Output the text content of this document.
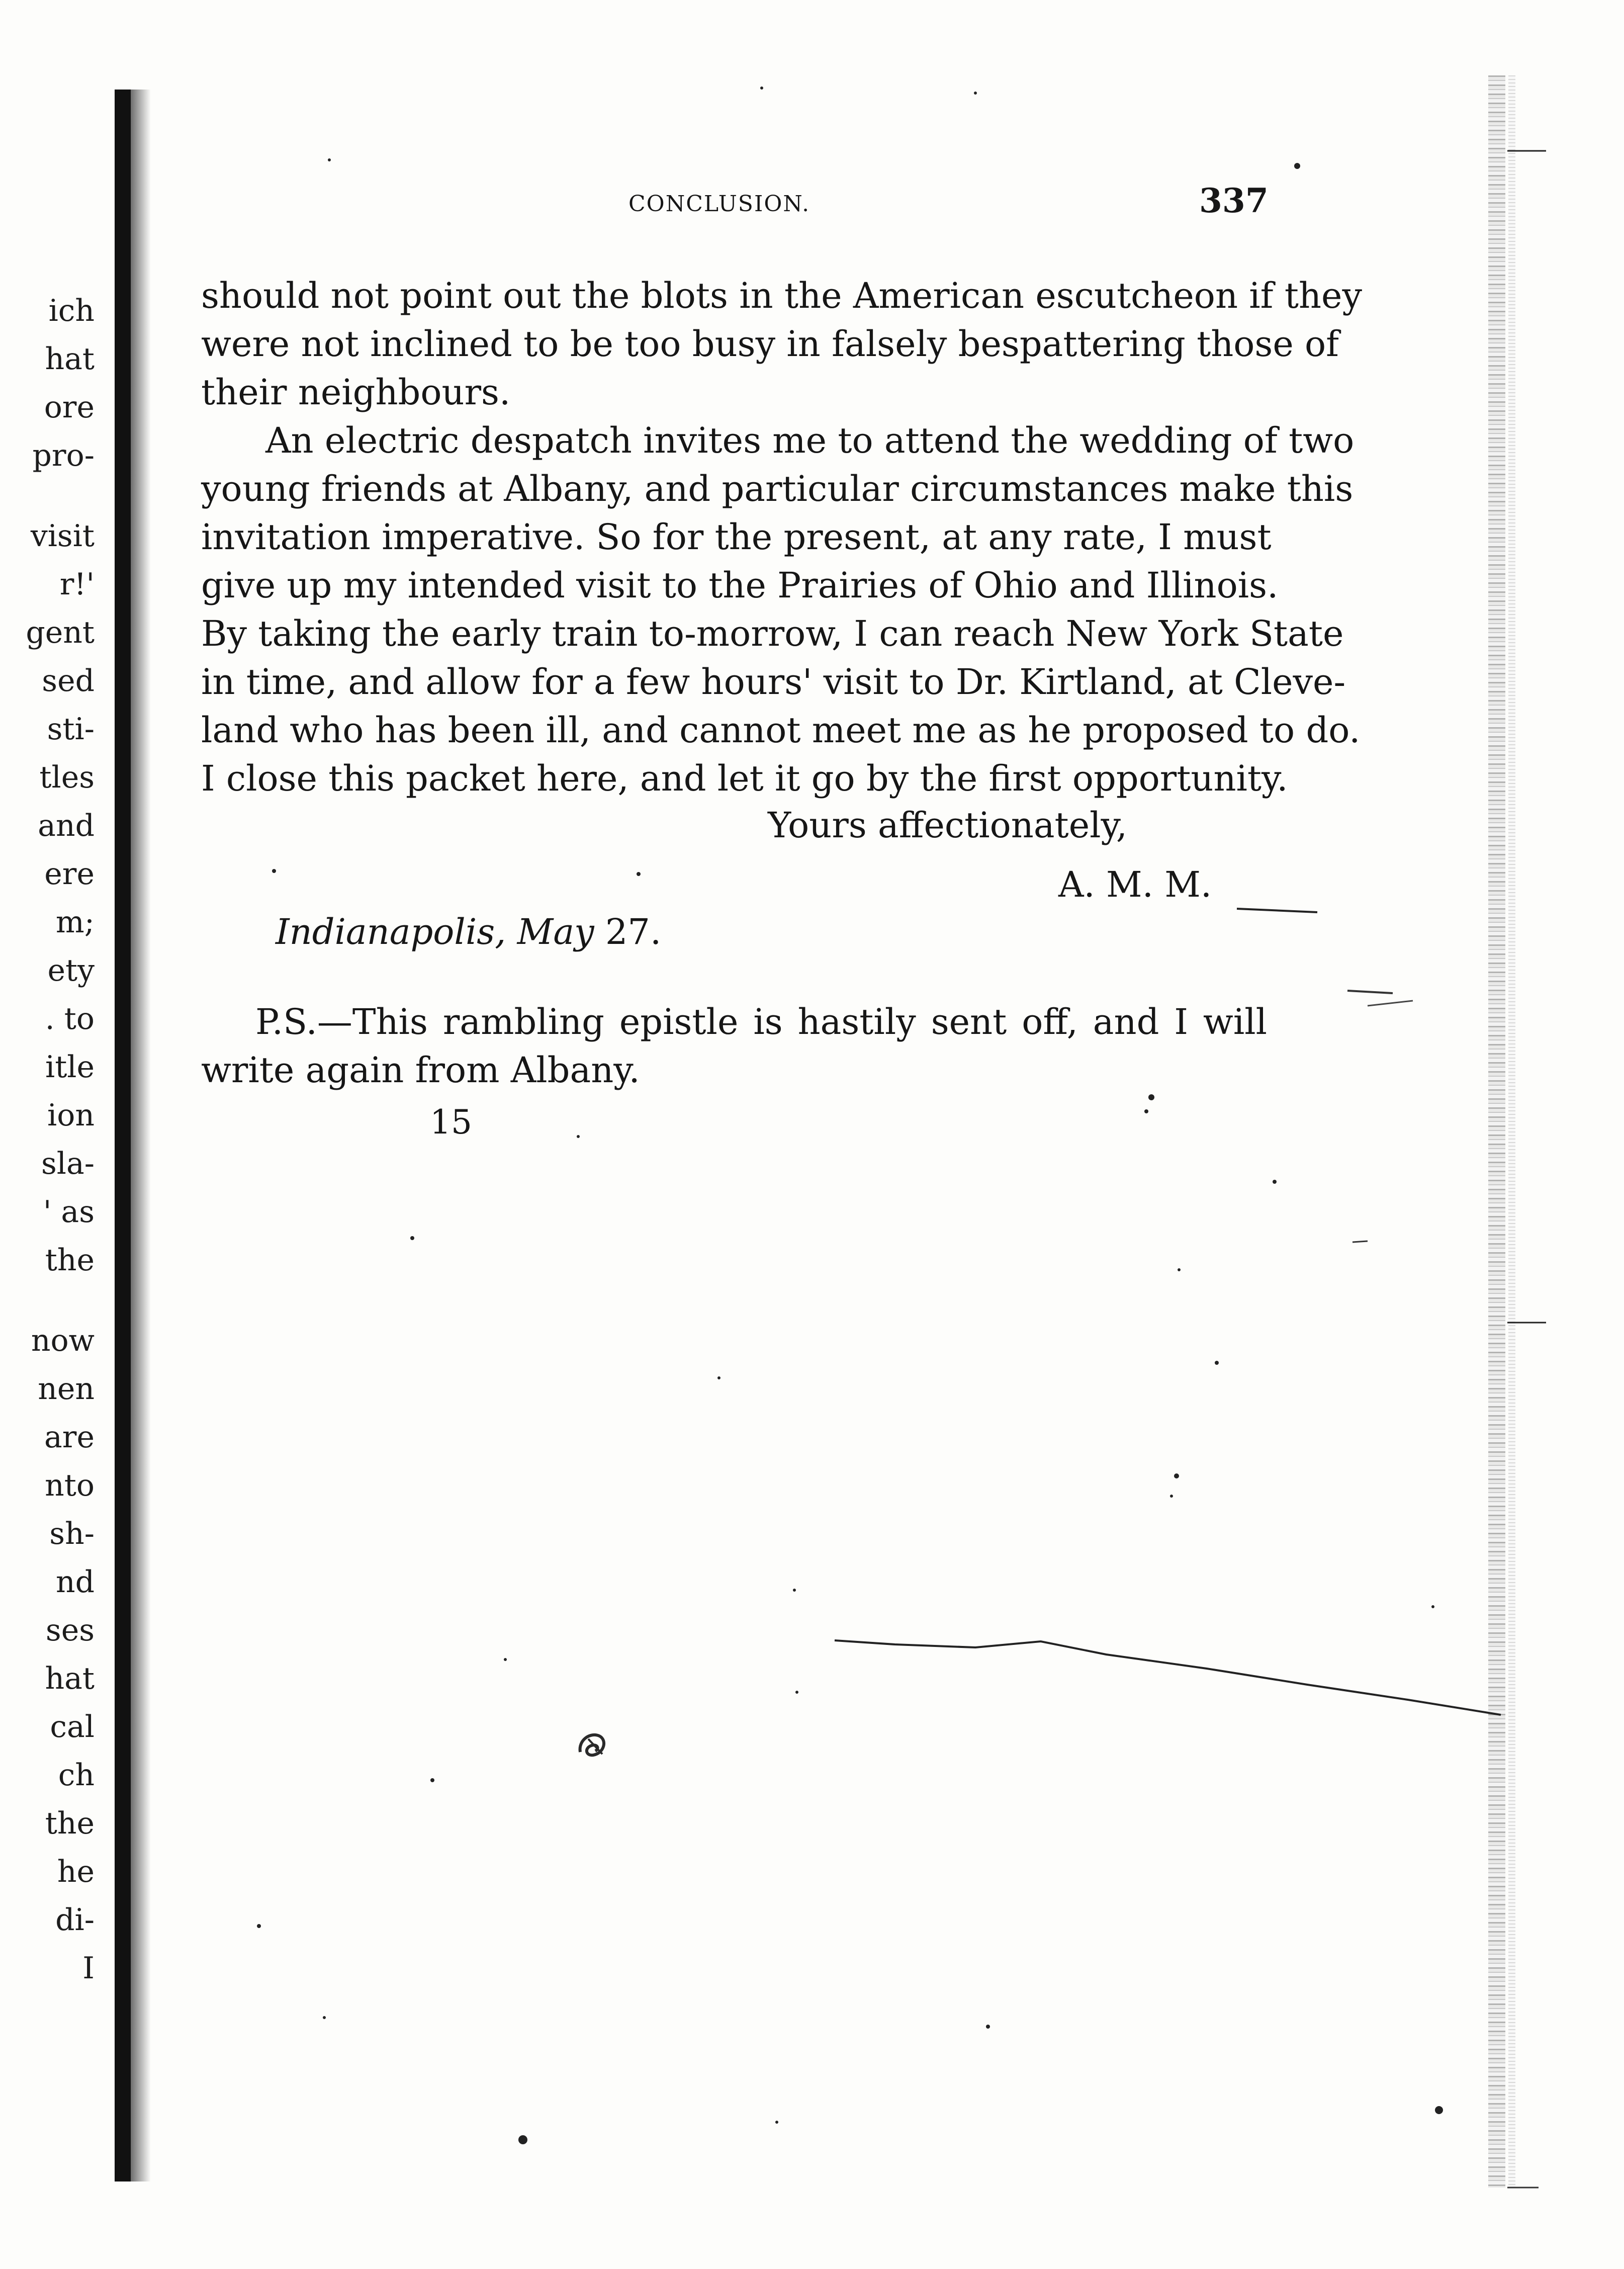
ich
hat
ore
pro-
visit
r!'
gent
sed
sti-
tles
and
ere
m;
ety
. to
itle
ion
sla-
' as
the
now
nen
are
nto
sh-
nd
ses
hat
cal
ch
the
he
di-
I
CONCLUSION.	337
should not point out the blots in the American escutcheon if they
were not inclined to be too busy in falsely bespattering those of
their neighbours.
An electric despatch invites me to attend the wedding of two
young friends at Albany, and particular circumstances make this
invitation imperative. So for the present, at any rate, I must
give up my intended visit to the Prairies of Ohio and Illinois.
By taking the early train to-morrow, I can reach New York State
in time, and allow for a few hours' visit to Dr. Kirtland, at Cleve-
land who has been ill, and cannot meet me as he proposed to do.
I close this packet here, and let it go by the first opportunity.
Yours affectionately,
A. M. M.
Indianapolis, May 27.
P.S.—This rambling epistle is hastily sent off, and I will
write again from Albany.
15
